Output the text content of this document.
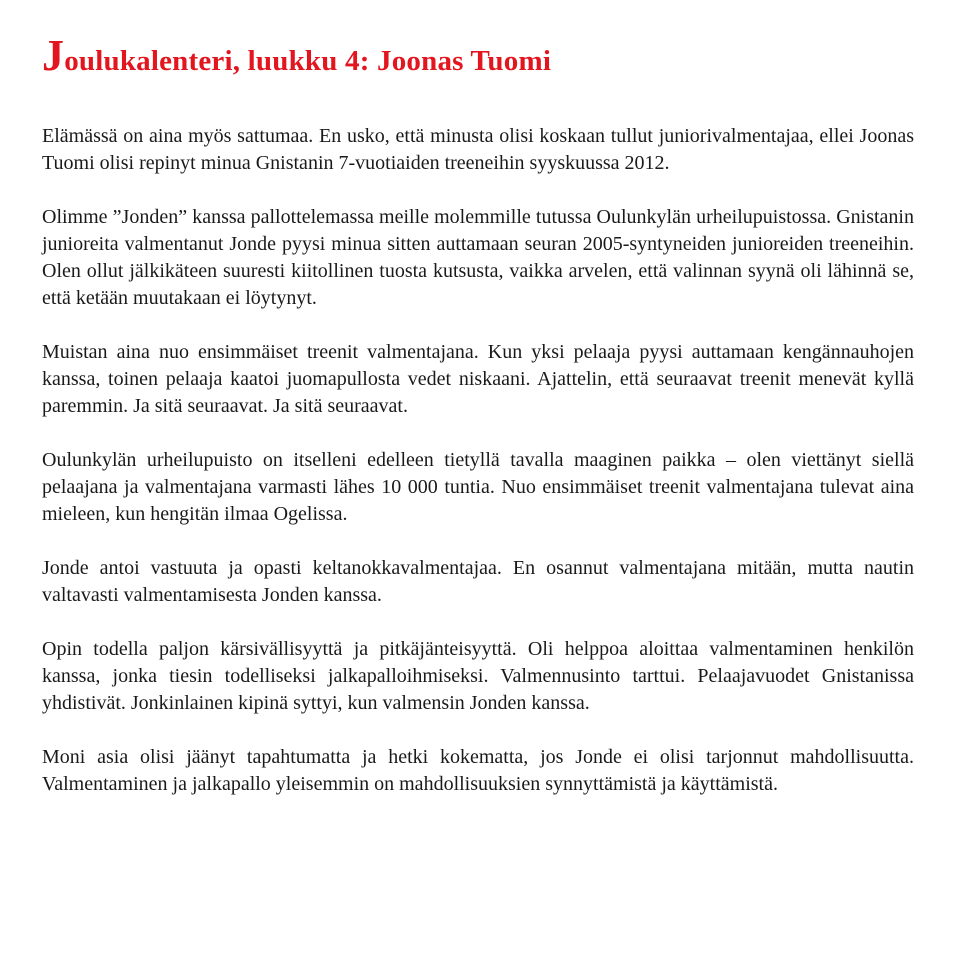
Joulukalenteri, luukku 4: Joonas Tuomi

Elämässä on aina myös sattumaa. En usko, että minusta olisi koskaan tullut juniorivalmentajaa, ellei Joonas Tuomi olisi repinyt minua Gnistanin 7-vuotiaiden treeneihin syyskuussa 2012.

Olimme ”Jonden” kanssa pallottelemassa meille molemmille tutussa Oulunkylän urheilupuistossa. Gnistanin junioreita valmentanut Jonde pyysi minua sitten auttamaan seuran 2005-syntyneiden junioreiden treeneihin. Olen ollut jälkikäteen suuresti kiitollinen tuosta kutsusta, vaikka arvelen, että valinnan syynä oli lähinnä se, että ketään muutakaan ei löytynyt.

Muistan aina nuo ensimmäiset treenit valmentajana. Kun yksi pelaaja pyysi auttamaan kengännauhojen kanssa, toinen pelaaja kaatoi juomapullosta vedet niskaani. Ajattelin, että seuraavat treenit menevät kyllä paremmin. Ja sitä seuraavat. Ja sitä seuraavat.

Oulunkylän urheilupuisto on itselleni edelleen tietyllä tavalla maaginen paikka – olen viettänyt siellä pelaajana ja valmentajana varmasti lähes 10 000 tuntia. Nuo ensimmäiset treenit valmentajana tulevat aina mieleen, kun hengitän ilmaa Ogelissa.

Jonde antoi vastuuta ja opasti keltanokkavalmentajaa. En osannut valmentajana mitään, mutta nautin valtavasti valmentamisesta Jonden kanssa.

Opin todella paljon kärsivällisyyttä ja pitkäjänteisyyttä. Oli helppoa aloittaa valmentaminen henkilön kanssa, jonka tiesin todelliseksi jalkapalloihmiseksi. Valmennusinto tarttui. Pelaajavuodet Gnistanissa yhdistivät. Jonkinlainen kipinä syttyi, kun valmensin Jonden kanssa.

Moni asia olisi jäänyt tapahtumatta ja hetki kokematta, jos Jonde ei olisi tarjonnut mahdollisuutta. Valmentaminen ja jalkapallo yleisemmin on mahdollisuuksien synnyttämistä ja käyttämistä.
